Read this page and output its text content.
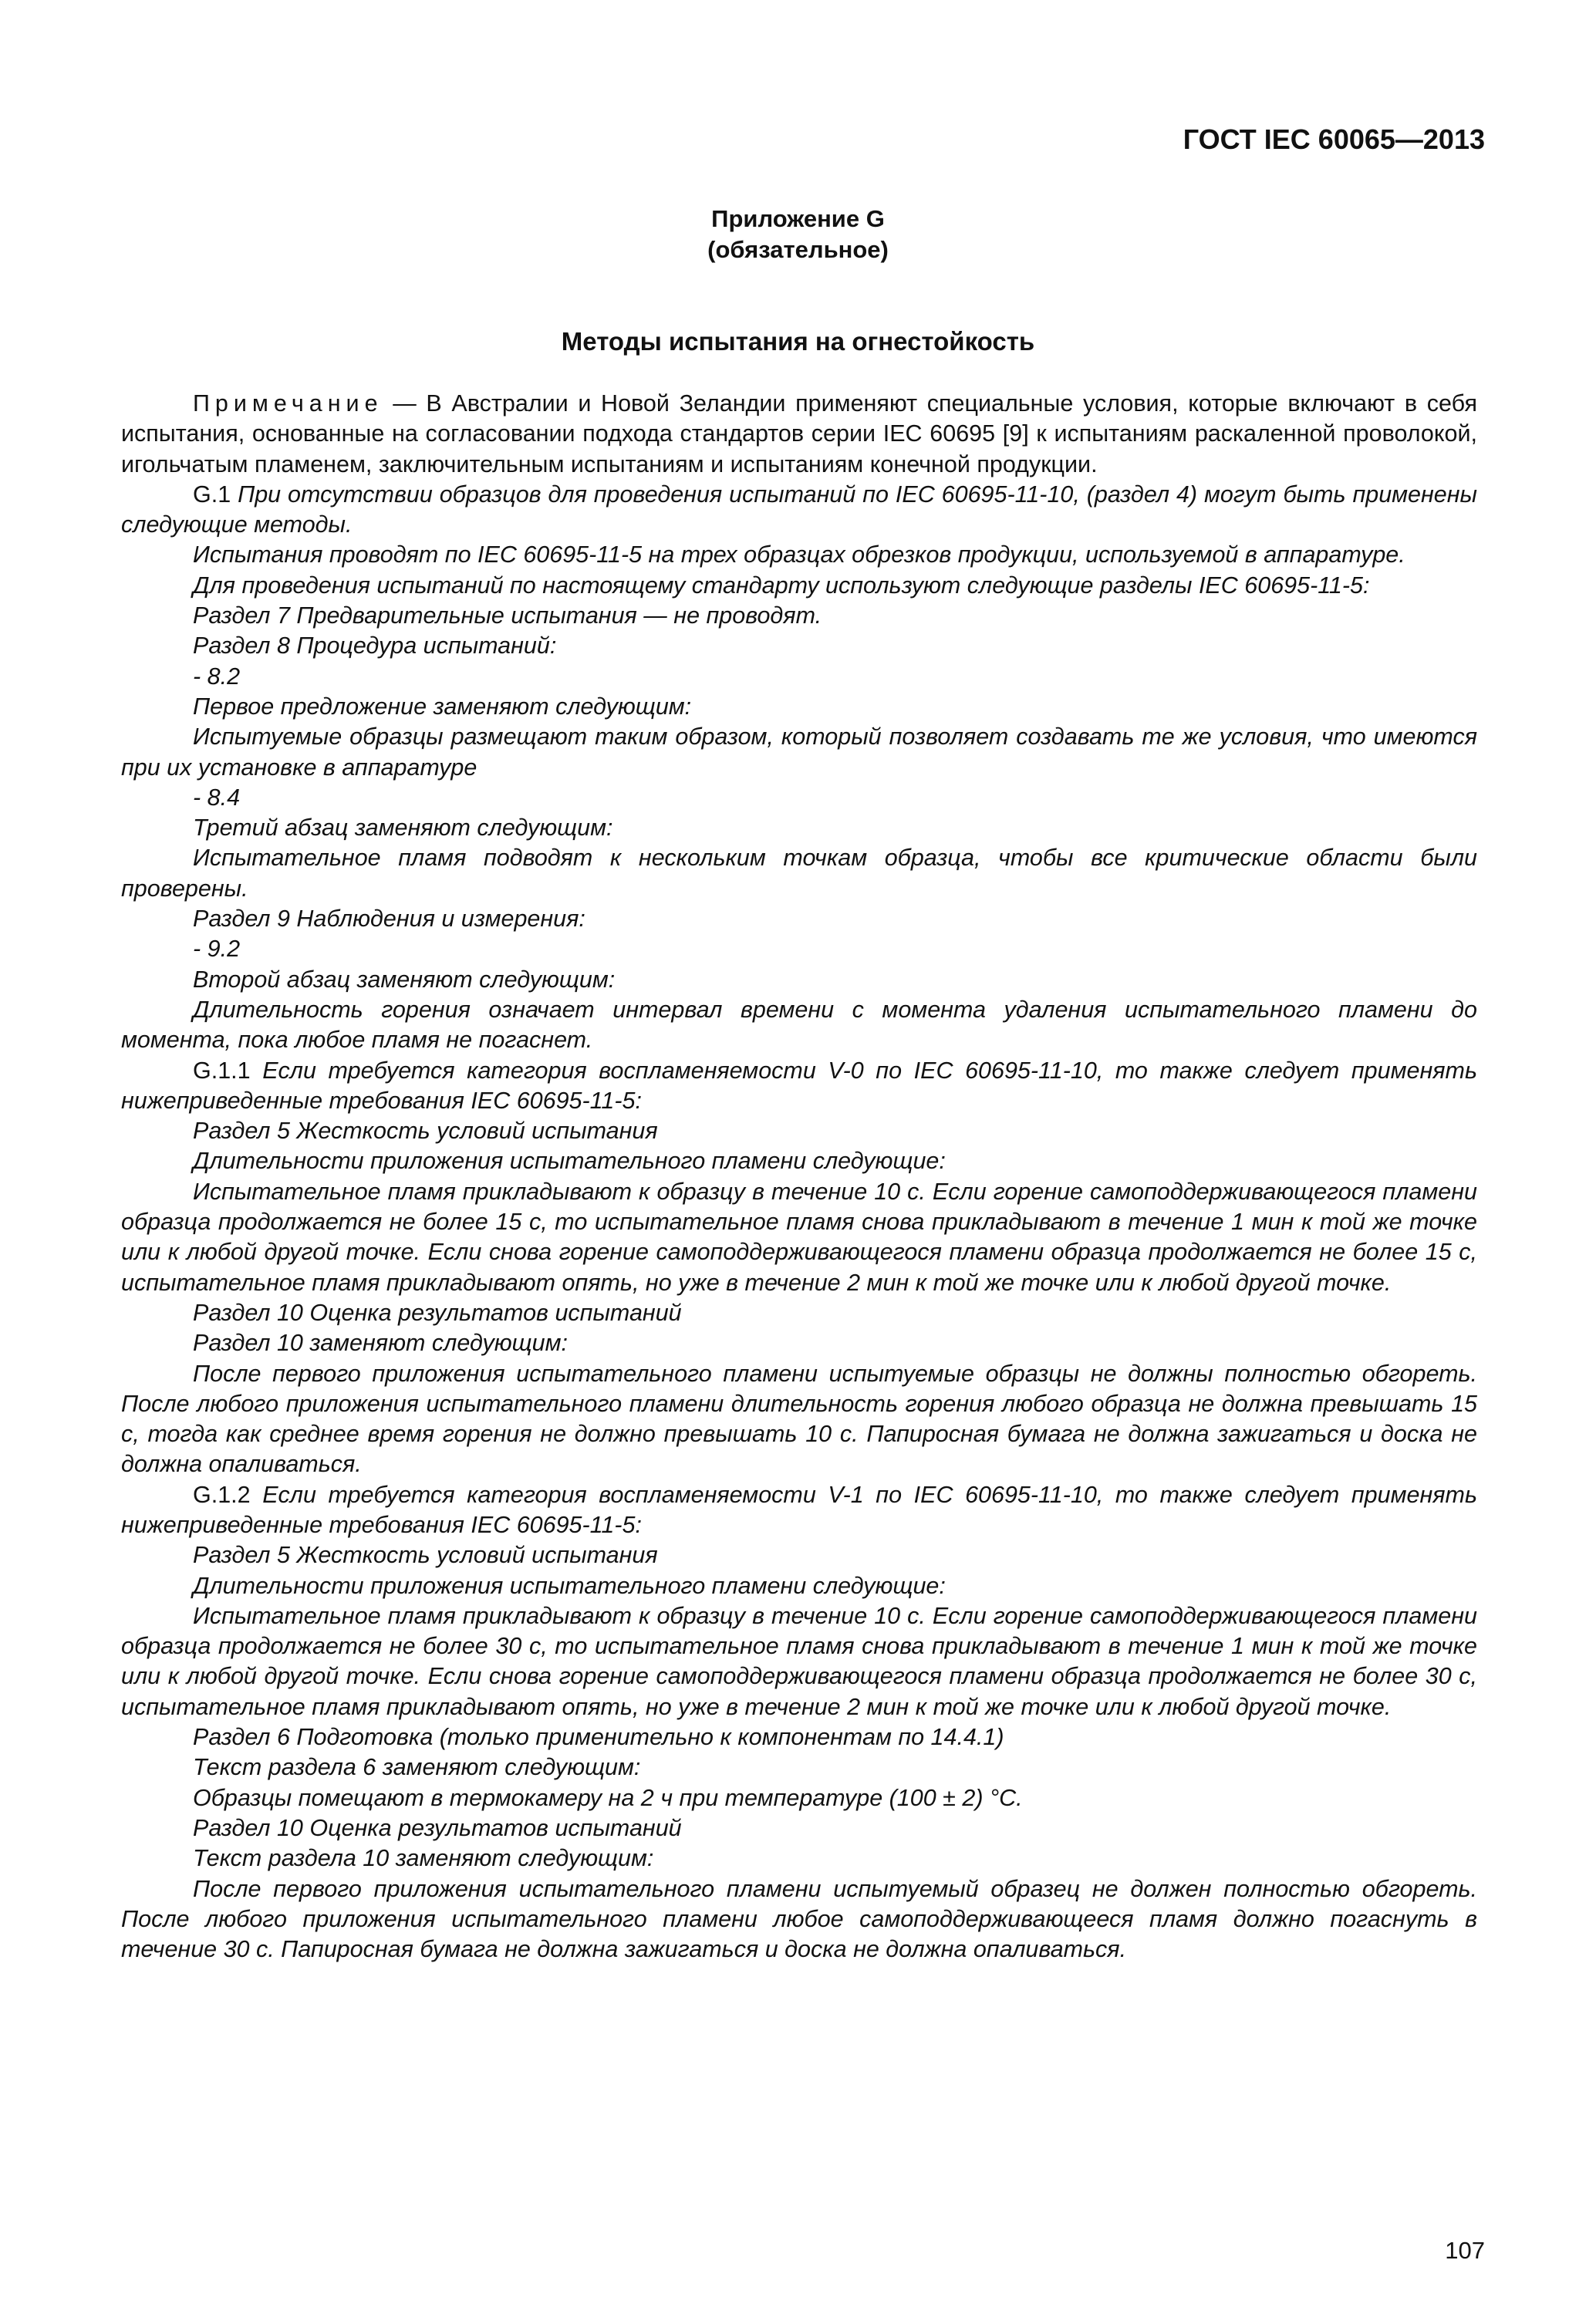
ГОСТ IEC 60065—2013
Приложение G
(обязательное)
Методы испытания на огнестойкость

Примечание — В Австралии и Новой Зеландии применяют специальные условия, которые включают в себя испытания, основанные на согласовании подхода стандартов серии IEC 60695 [9] к испытаниям раскаленной проволокой, игольчатым пламенем, заключительным испытаниям и испытаниям конечной продукции.

G.1 При отсутствии образцов для проведения испытаний по IEC 60695-11-10, (раздел 4) могут быть применены следующие методы.

Испытания проводят по IEC 60695-11-5 на трех образцах обрезков продукции, используемой в аппаратуре.

Для проведения испытаний по настоящему стандарту используют следующие разделы IEC 60695-11-5:

Раздел 7 Предварительные испытания — не проводят.

Раздел 8 Процедура испытаний:

- 8.2

Первое предложение заменяют следующим:

Испытуемые образцы размещают таким образом, который позволяет создавать те же условия, что имеются при их установке в аппаратуре

- 8.4

Третий абзац заменяют следующим:

Испытательное пламя подводят к нескольким точкам образца, чтобы все критические области были проверены.

Раздел 9 Наблюдения и измерения:

- 9.2

Второй абзац заменяют следующим:

Длительность горения означает интервал времени с момента удаления испытательного пламени до момента, пока любое пламя не погаснет.

G.1.1 Если требуется категория воспламеняемости V-0 по IEC 60695-11-10, то также следует применять нижеприведенные требования IEC 60695-11-5:

Раздел 5 Жесткость условий испытания

Длительности приложения испытательного пламени следующие:

Испытательное пламя прикладывают к образцу в течение 10 с. Если горение самоподдерживающегося пламени образца продолжается не более 15 с, то испытательное пламя снова прикладывают в течение 1 мин к той же точке или к любой другой точке. Если снова горение самоподдерживающегося пламени образца продолжается не более 15 с, испытательное пламя прикладывают опять, но уже в течение 2 мин к той же точке или к любой другой точке.

Раздел 10 Оценка результатов испытаний

Раздел 10 заменяют следующим:

После первого приложения испытательного пламени испытуемые образцы не должны полностью обгореть. После любого приложения испытательного пламени длительность горения любого образца не должна превышать 15 с, тогда как среднее время горения не должно превышать 10 с. Папиросная бумага не должна зажигаться и доска не должна опаливаться.

G.1.2 Если требуется категория воспламеняемости V-1 по IEC 60695-11-10, то также следует применять нижеприведенные требования IEC 60695-11-5:

Раздел 5 Жесткость условий испытания

Длительности приложения испытательного пламени следующие:

Испытательное пламя прикладывают к образцу в течение 10 с. Если горение самоподдерживающегося пламени образца продолжается не более 30 с, то испытательное пламя снова прикладывают в течение 1 мин к той же точке или к любой другой точке. Если снова горение самоподдерживающегося пламени образца продолжается не более 30 с, испытательное пламя прикладывают опять, но уже в течение 2 мин к той же точке или к любой другой точке.

Раздел 6 Подготовка (только применительно к компонентам по 14.4.1)

Текст раздела 6 заменяют следующим:

Образцы помещают в термокамеру на 2 ч при температуре (100 ± 2) °С.

Раздел 10 Оценка результатов испытаний

Текст раздела 10 заменяют следующим:

После первого приложения испытательного пламени испытуемый образец не должен полностью обгореть. После любого приложения испытательного пламени любое самоподдерживающееся пламя должно погаснуть в течение 30 с. Папиросная бумага не должна зажигаться и доска не должна опаливаться.

107
